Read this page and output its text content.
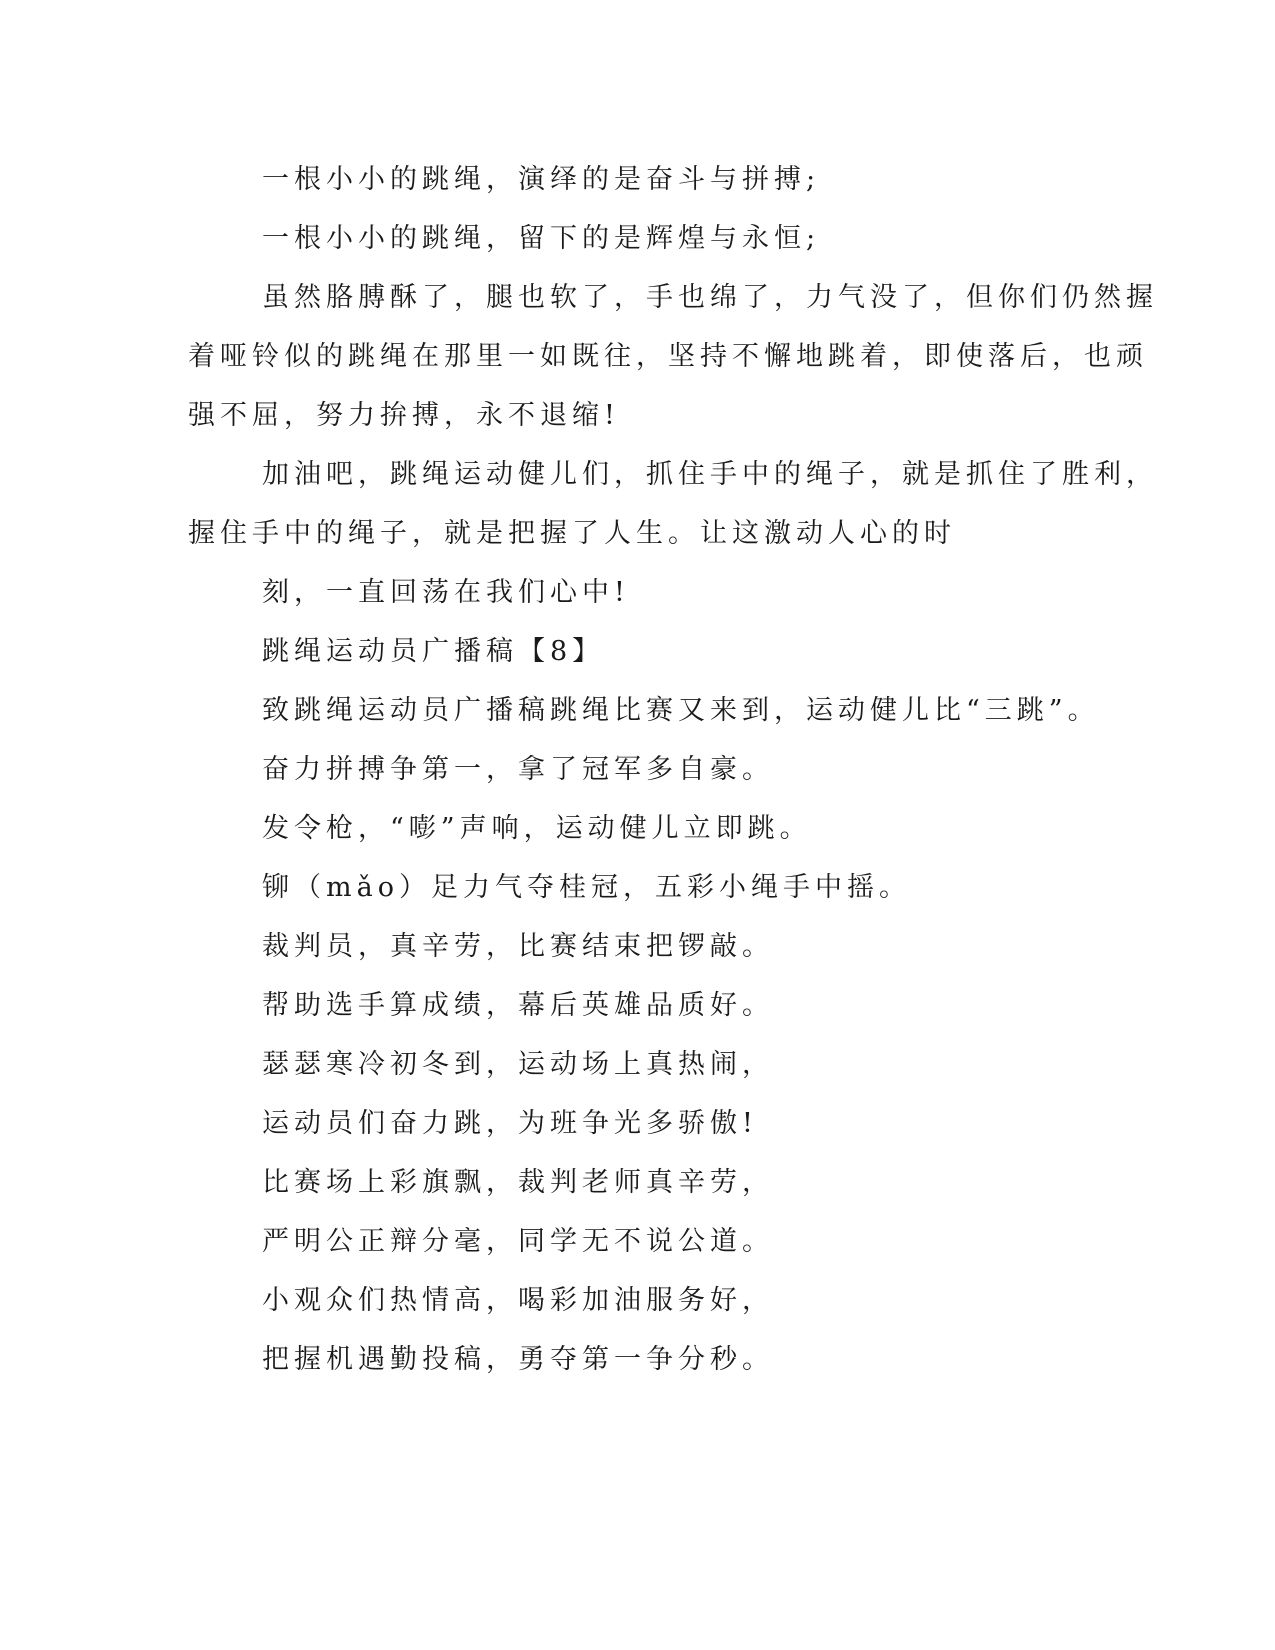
一根小小的跳绳，演绎的是奋斗与拼搏;

一根小小的跳绳，留下的是辉煌与永恒;

虽然胳膊酥了，腿也软了，手也绵了，力气没了，但你们仍然握

着哑铃似的跳绳在那里一如既往，坚持不懈地跳着，即使落后，也顽

强不屈，努力拚搏，永不退缩!

加油吧，跳绳运动健儿们，抓住手中的绳子，就是抓住了胜利，

握住手中的绳子，就是把握了人生。让这激动人心的时

刻，一直回荡在我们心中!

跳绳运动员广播稿【8】

致跳绳运动员广播稿跳绳比赛又来到，运动健儿比“三跳”。

奋力拼搏争第一，拿了冠军多自豪。

发令枪，“嘭”声响，运动健儿立即跳。

铆（mǎo）足力气夺桂冠，五彩小绳手中摇。

裁判员，真辛劳，比赛结束把锣敲。

帮助选手算成绩，幕后英雄品质好。

瑟瑟寒冷初冬到，运动场上真热闹，

运动员们奋力跳，为班争光多骄傲!

比赛场上彩旗飘，裁判老师真辛劳，

严明公正辩分毫，同学无不说公道。

小观众们热情高，喝彩加油服务好，

把握机遇勤投稿，勇夺第一争分秒。
